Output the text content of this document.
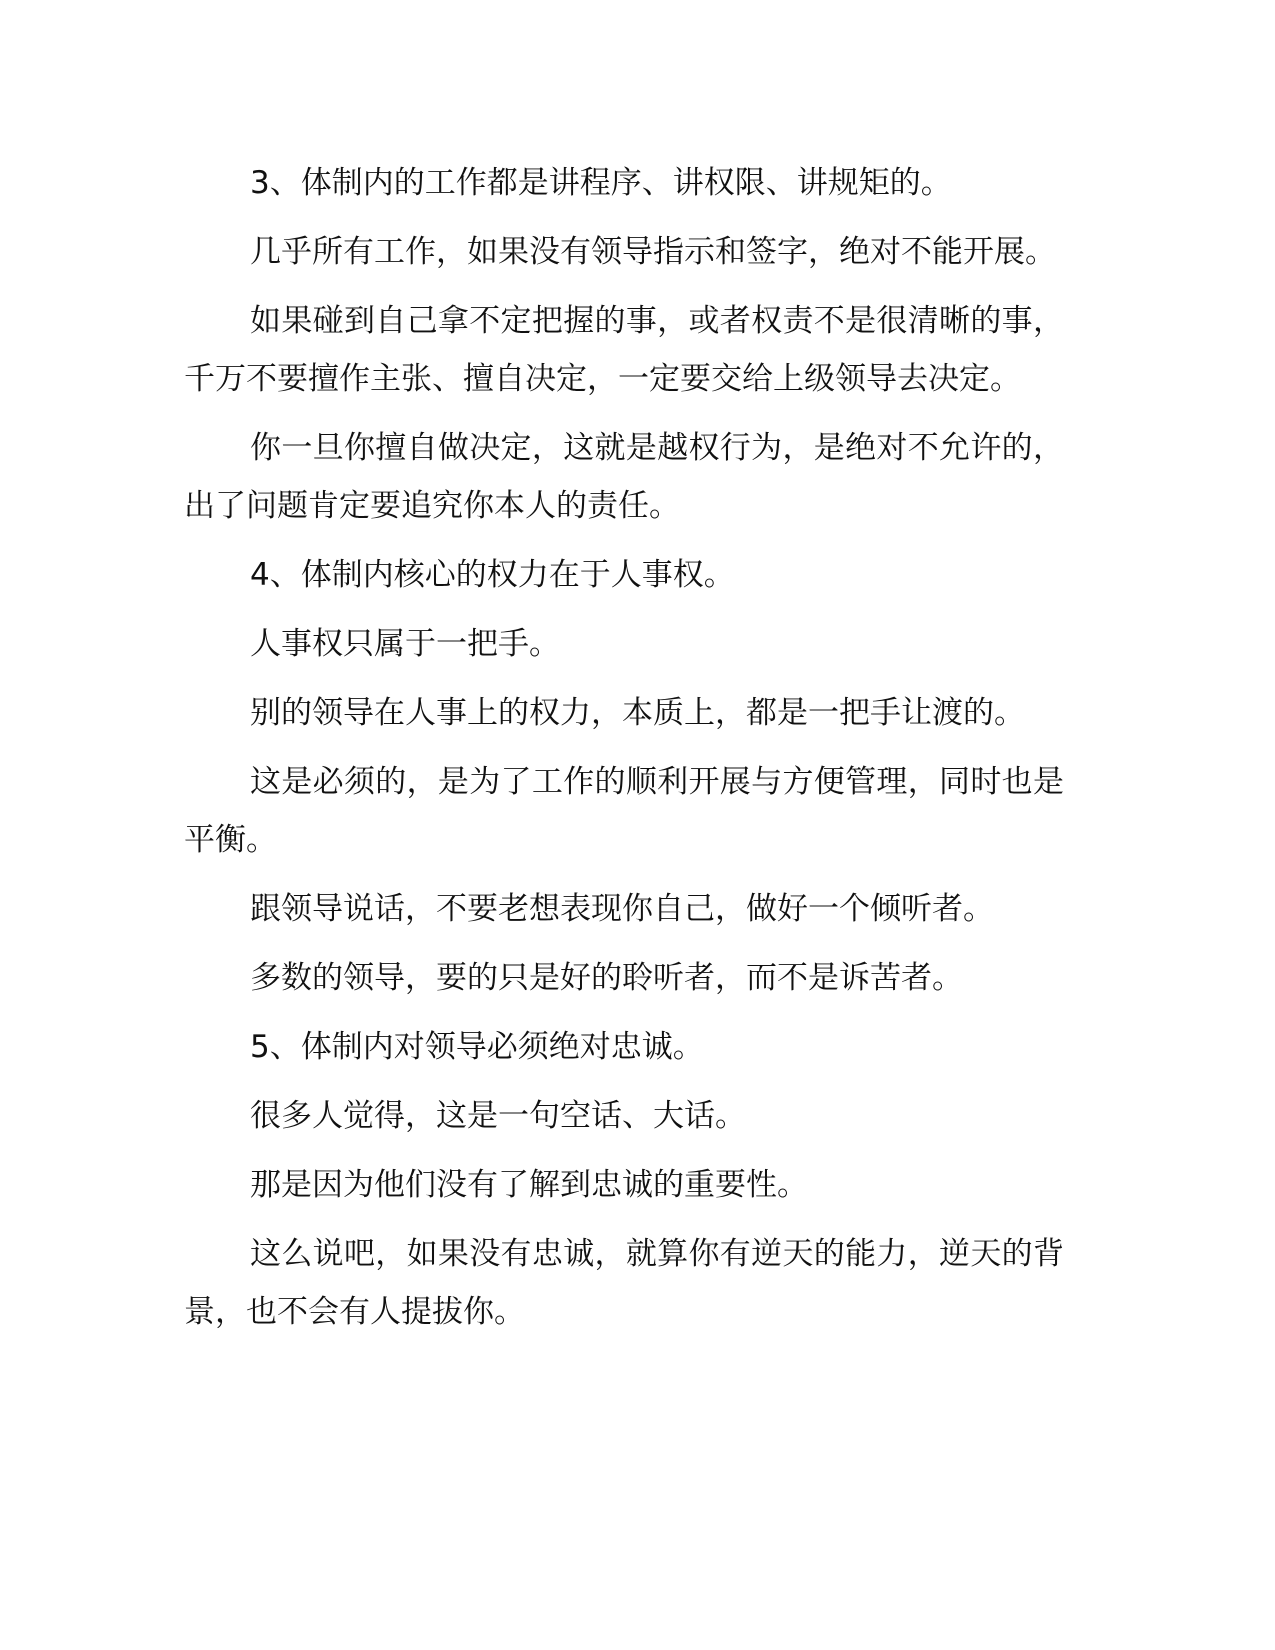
3、体制内的工作都是讲程序、讲权限、讲规矩的。

几乎所有工作，如果没有领导指示和签字，绝对不能开展。

如果碰到自己拿不定把握的事，或者权责不是很清晰的事，千万不要擅作主张、擅自决定，一定要交给上级领导去决定。

你一旦你擅自做决定，这就是越权行为，是绝对不允许的，出了问题肯定要追究你本人的责任。

4、体制内核心的权力在于人事权。

人事权只属于一把手。

别的领导在人事上的权力，本质上，都是一把手让渡的。

这是必须的，是为了工作的顺利开展与方便管理，同时也是平衡。

跟领导说话，不要老想表现你自己，做好一个倾听者。

多数的领导，要的只是好的聆听者，而不是诉苦者。

5、体制内对领导必须绝对忠诚。

很多人觉得，这是一句空话、大话。

那是因为他们没有了解到忠诚的重要性。

这么说吧，如果没有忠诚，就算你有逆天的能力，逆天的背景，也不会有人提拔你。
